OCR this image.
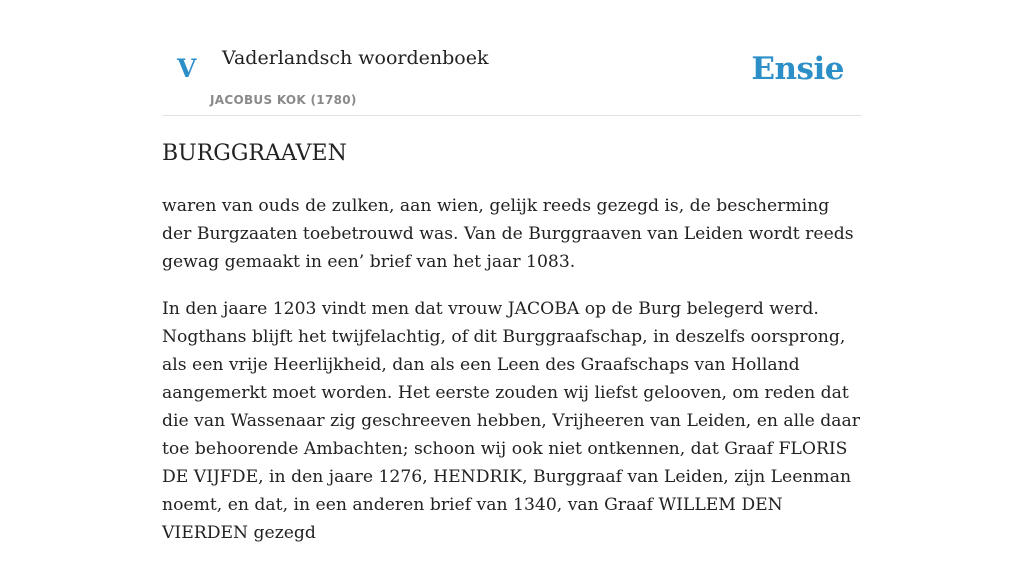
V Vaderlandsch woordenboek
JACOBUS KOK (1780)
Ensie
BURGGRAAVEN

waren van ouds de zulken, aan wien, gelijk reeds gezegd is, de bescherming der Burgzaaten toebetrouwd was. Van de Burggraaven van Leiden wordt reeds gewag gemaakt in een’ brief van het jaar 1083.

In den jaare 1203 vindt men dat vrouw JACOBA op de Burg belegerd werd. Nogthans blijft het twijfelachtig, of dit Burggraafschap, in deszelfs oorsprong, als een vrije Heerlijkheid, dan als een Leen des Graafschaps van Holland aangemerkt moet worden. Het eerste zouden wij liefst gelooven, om reden dat die van Wassenaar zig geschreeven hebben, Vrijheeren van Leiden, en alle daar toe behoorende Ambachten; schoon wij ook niet ontkennen, dat Graaf FLORIS DE VIJFDE, in den jaare 1276, HENDRIK, Burggraaf van Leiden, zijn Leenman noemt, en dat, in een anderen brief van 1340, van Graaf WILLEM DEN VIERDEN gezegd
